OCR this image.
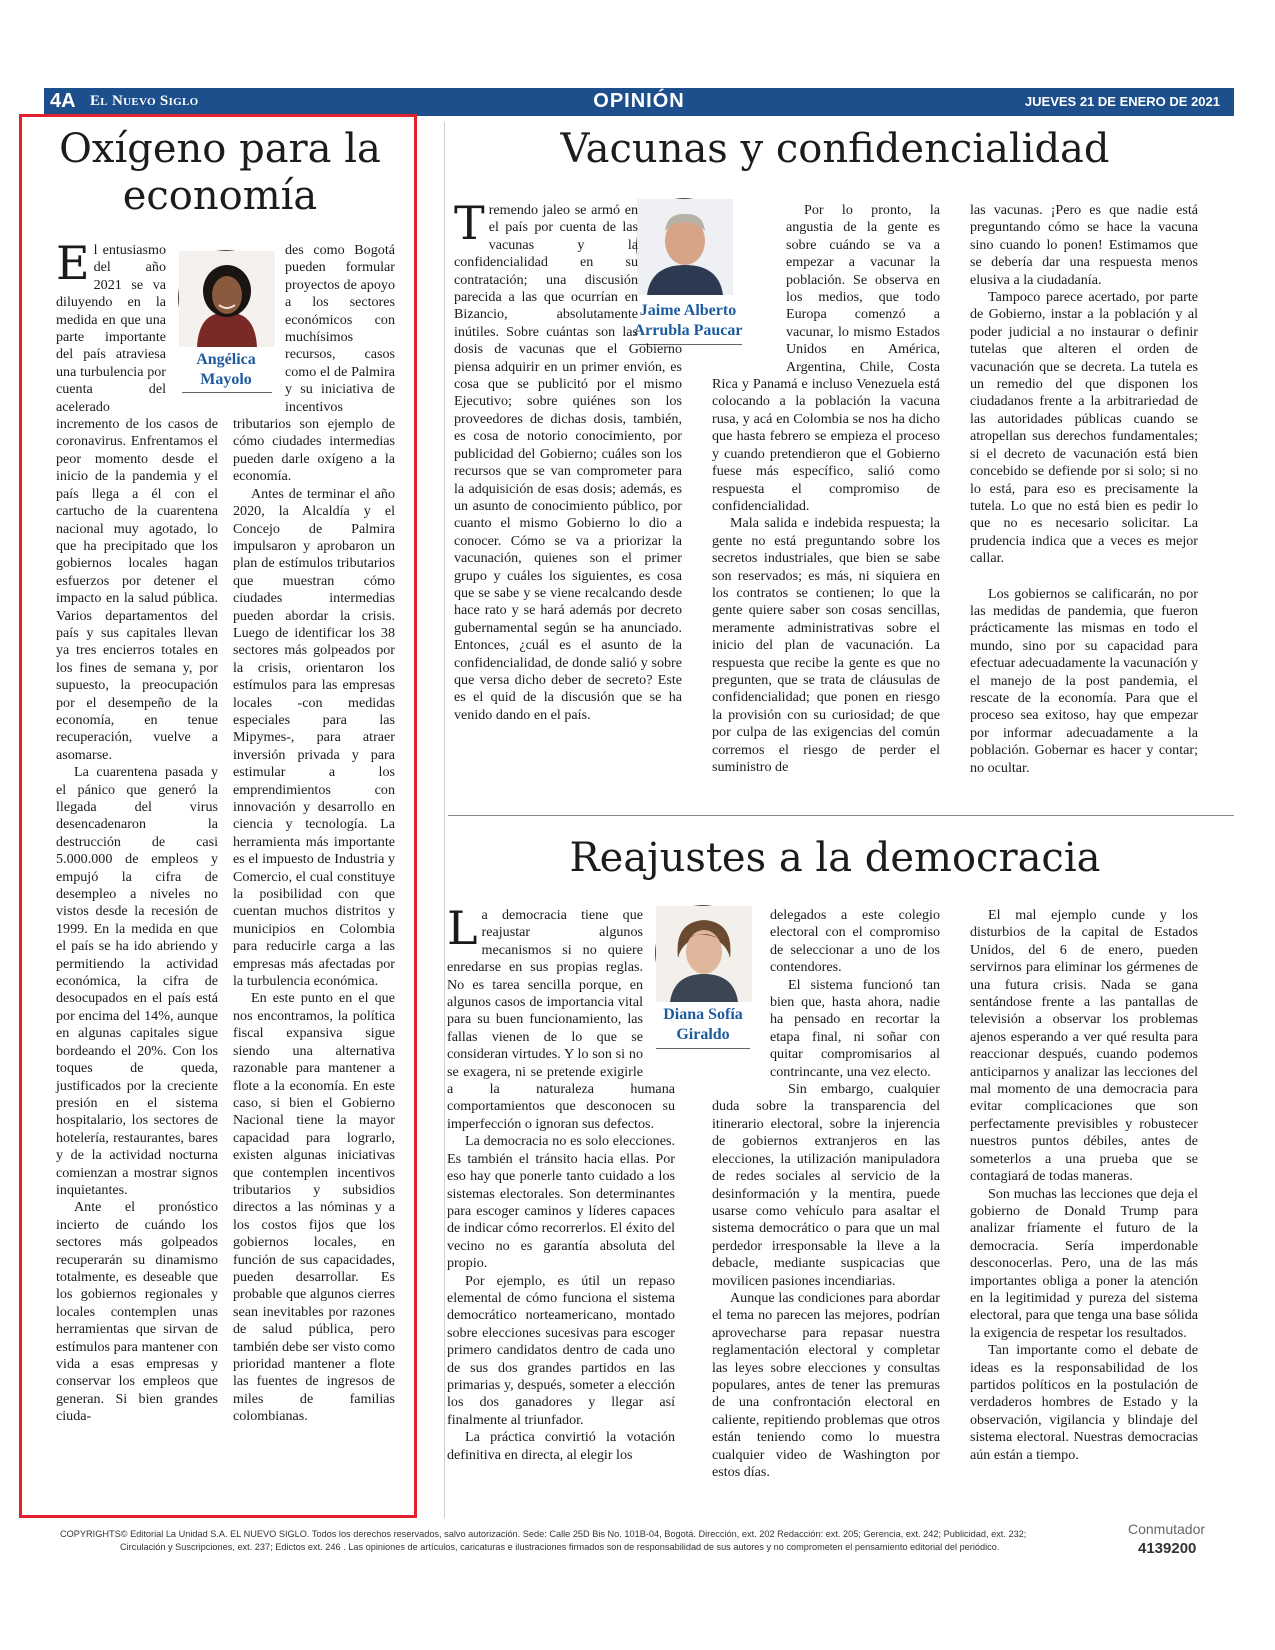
4A El Nuevo Siglo	OPINIÓN	JUEVES 21 DE ENERO DE 2021
Oxígeno para la economía
Angélica
Mayolo

El entusiasmo del año 2021 se va diluyendo en la medida en que una parte importante del país atraviesa una turbulencia por cuenta del acelerado incremento de los casos de coronavirus. Enfrentamos el peor momento desde el inicio de la pandemia y el país llega a él con el cartucho de la cuarentena nacional muy agotado, lo que ha precipitado que los gobiernos locales hagan esfuerzos por detener el impacto en la salud pública. Varios departamentos del país y sus capitales llevan ya tres encierros totales en los fines de semana y, por supuesto, la preocupación por el desempeño de la economía, en tenue recuperación, vuelve a asomarse.

La cuarentena pasada y el pánico que generó la llegada del virus desencadenaron la destrucción de casi 5.000.000 de empleos y empujó la cifra de desempleo a niveles no vistos desde la recesión de 1999. En la medida en que el país se ha ido abriendo y permitiendo la actividad económica, la cifra de desocupados en el país está por encima del 14%, aunque en algunas capitales sigue bordeando el 20%. Con los toques de queda, justificados por la creciente presión en el sistema hospitalario, los sectores de hotelería, restaurantes, bares y de la actividad nocturna comienzan a mostrar signos inquietantes.

Ante el pronóstico incierto de cuándo los sectores más golpeados recuperarán su dinamismo totalmente, es deseable que los gobiernos regionales y locales contemplen unas herramientas que sirvan de estímulos para mantener con vida a esas empresas y conservar los empleos que generan. Si bien grandes ciuda-

des como Bogotá pueden formular proyectos de apoyo a los sectores económicos con muchísimos recursos, casos como el de Palmira y su iniciativa de incentivos tributarios son ejemplo de cómo ciudades intermedias pueden darle oxígeno a la economía.

Antes de terminar el año 2020, la Alcaldía y el Concejo de Palmira impulsaron y aprobaron un plan de estímulos tributarios que muestran cómo ciudades intermedias pueden abordar la crisis. Luego de identificar los 38 sectores más golpeados por la crisis, orientaron los estímulos para las empresas locales -con medidas especiales para las Mipymes-, para atraer inversión privada y para estimular a los emprendimientos con innovación y desarrollo en ciencia y tecnología. La herramienta más importante es el impuesto de Industria y Comercio, el cual constituye la posibilidad con que cuentan muchos distritos y municipios en Colombia para reducirle carga a las empresas más afectadas por la turbulencia económica.

En este punto en el que nos encontramos, la política fiscal expansiva sigue siendo una alternativa razonable para mantener a flote a la economía. En este caso, si bien el Gobierno Nacional tiene la mayor capacidad para lograrlo, existen algunas iniciativas que contemplen incentivos tributarios y subsidios directos a las nóminas y a los costos fijos que los gobiernos locales, en función de sus capacidades, pueden desarrollar. Es probable que algunos cierres sean inevitables por razones de salud pública, pero también debe ser visto como prioridad mantener a flote las fuentes de ingresos de miles de familias colombianas.

Vacunas y confidencialidad
Jaime Alberto
Arrubla Paucar

Tremendo jaleo se armó en el país por cuenta de las vacunas y la confidencialidad en su contratación; una discusión parecida a las que ocurrían en Bizancio, absolutamente inútiles. Sobre cuántas son las dosis de vacunas que el Gobierno piensa adquirir en un primer envión, es cosa que se publicitó por el mismo Ejecutivo; sobre quiénes son los proveedores de dichas dosis, también, es cosa de notorio conocimiento, por publicidad del Gobierno; cuáles son los recursos que se van comprometer para la adquisición de esas dosis; además, es un asunto de conocimiento público, por cuanto el mismo Gobierno lo dio a conocer. Cómo se va a priorizar la vacunación, quienes son el primer grupo y cuáles los siguientes, es cosa que se sabe y se viene recalcando desde hace rato y se hará además por decreto gubernamental según se ha anunciado. Entonces, ¿cuál es el asunto de la confidencialidad, de donde salió y sobre que versa dicho deber de secreto? Este es el quid de la discusión que se ha venido dando en el país.

Por lo pronto, la angustia de la gente es sobre cuándo se va a empezar a vacunar la población. Se observa en los medios, que todo Europa comenzó a vacunar, lo mismo Estados Unidos en América, Argentina, Chile, Costa Rica y Panamá e incluso Venezuela está colocando a la población la vacuna rusa, y acá en Colombia se nos ha dicho que hasta febrero se empieza el proceso y cuando pretendieron que el Gobierno fuese más específico, salió como respuesta el compromiso de confidencialidad.

Mala salida e indebida respuesta; la gente no está preguntando sobre los secretos industriales, que bien se sabe son reservados; es más, ni siquiera en los contratos se contienen; lo que la gente quiere saber son cosas sencillas, meramente administrativas sobre el inicio del plan de vacunación. La respuesta que recibe la gente es que no pregunten, que se trata de cláusulas de confidencialidad; que ponen en riesgo la provisión con su curiosidad; de que por culpa de las exigencias del común corremos el riesgo de perder el suministro de

las vacunas. ¡Pero es que nadie está preguntando cómo se hace la vacuna sino cuando lo ponen! Estimamos que se debería dar una respuesta menos elusiva a la ciudadanía.

Tampoco parece acertado, por parte de Gobierno, instar a la población y al poder judicial a no instaurar o definir tutelas que alteren el orden de vacunación que se decreta. La tutela es un remedio del que disponen los ciudadanos frente a la arbitrariedad de las autoridades públicas cuando se atropellan sus derechos fundamentales; si el decreto de vacunación está bien concebido se defiende por si solo; si no lo está, para eso es precisamente la tutela. Lo que no está bien es pedir lo que no es necesario solicitar. La prudencia indica que a veces es mejor callar.

Los gobiernos se calificarán, no por las medidas de pandemia, que fueron prácticamente las mismas en todo el mundo, sino por su capacidad para efectuar adecuadamente la vacunación y el manejo de la post pandemia, el rescate de la economía. Para que el proceso sea exitoso, hay que empezar por informar adecuadamente a la población. Gobernar es hacer y contar; no ocultar.

Reajustes a la democracia
Diana Sofía
Giraldo

La democracia tiene que reajustar algunos mecanismos si no quiere enredarse en sus propias reglas. No es tarea sencilla porque, en algunos casos de importancia vital para su buen funcionamiento, las fallas vienen de lo que se consideran virtudes. Y lo son si no se exagera, ni se pretende exigirle a la naturaleza humana comportamientos que desconocen su imperfección o ignoran sus defectos.

La democracia no es solo elecciones. Es también el tránsito hacia ellas. Por eso hay que ponerle tanto cuidado a los sistemas electorales. Son determinantes para escoger caminos y líderes capaces de indicar cómo recorrerlos. El éxito del vecino no es garantía absoluta del propio.

Por ejemplo, es útil un repaso elemental de cómo funciona el sistema democrático norteamericano, montado sobre elecciones sucesivas para escoger primero candidatos dentro de cada uno de sus dos grandes partidos en las primarias y, después, someter a elección los dos ganadores y llegar así finalmente al triunfador.

La práctica convirtió la votación definitiva en directa, al elegir los

delegados a este colegio electoral con el compromiso de seleccionar a uno de los contendores.

El sistema funcionó tan bien que, hasta ahora, nadie ha pensado en recortar la etapa final, ni soñar con quitar compromisarios al contrincante, una vez electo.

Sin embargo, cualquier duda sobre la transparencia del itinerario electoral, sobre la injerencia de gobiernos extranjeros en las elecciones, la utilización manipuladora de redes sociales al servicio de la desinformación y la mentira, puede usarse como vehículo para asaltar el sistema democrático o para que un mal perdedor irresponsable la lleve a la debacle, mediante suspicacias que movilicen pasiones incendiarias.

Aunque las condiciones para abordar el tema no parecen las mejores, podrían aprovecharse para repasar nuestra reglamentación electoral y completar las leyes sobre elecciones y consultas populares, antes de tener las premuras de una confrontación electoral en caliente, repitiendo problemas que otros están teniendo como lo muestra cualquier video de Washington por estos días.

El mal ejemplo cunde y los disturbios de la capital de Estados Unidos, del 6 de enero, pueden servirnos para eliminar los gérmenes de una futura crisis. Nada se gana sentándose frente a las pantallas de televisión a observar los problemas ajenos esperando a ver qué resulta para reaccionar después, cuando podemos anticiparnos y analizar las lecciones del mal momento de una democracia para evitar complicaciones que son perfectamente previsibles y robustecer nuestros puntos débiles, antes de someterlos a una prueba que se contagiará de todas maneras.

Son muchas las lecciones que deja el gobierno de Donald Trump para analizar fríamente el futuro de la democracia. Sería imperdonable desconocerlas. Pero, una de las más importantes obliga a poner la atención en la legitimidad y pureza del sistema electoral, para que tenga una base sólida la exigencia de respetar los resultados.

Tan importante como el debate de ideas es la responsabilidad de los partidos políticos en la postulación de verdaderos hombres de Estado y la observación, vigilancia y blindaje del sistema electoral. Nuestras democracias aún están a tiempo.

COPYRIGHTS© Editorial La Unidad S.A. EL NUEVO SIGLO. Todos los derechos reservados, salvo autorización. Sede: Calle 25D Bis No. 101B-04, Bogotá. Dirección, ext. 202 Redacción: ext. 205; Gerencia, ext. 242; Publicidad, ext. 232;
Circulación y Suscripciones, ext. 237; Edictos ext. 246 . Las opiniones de artículos, caricaturas e ilustraciones firmados son de responsabilidad de sus autores y no comprometen el pensamiento editorial del periódico.
Conmutador
4139200
